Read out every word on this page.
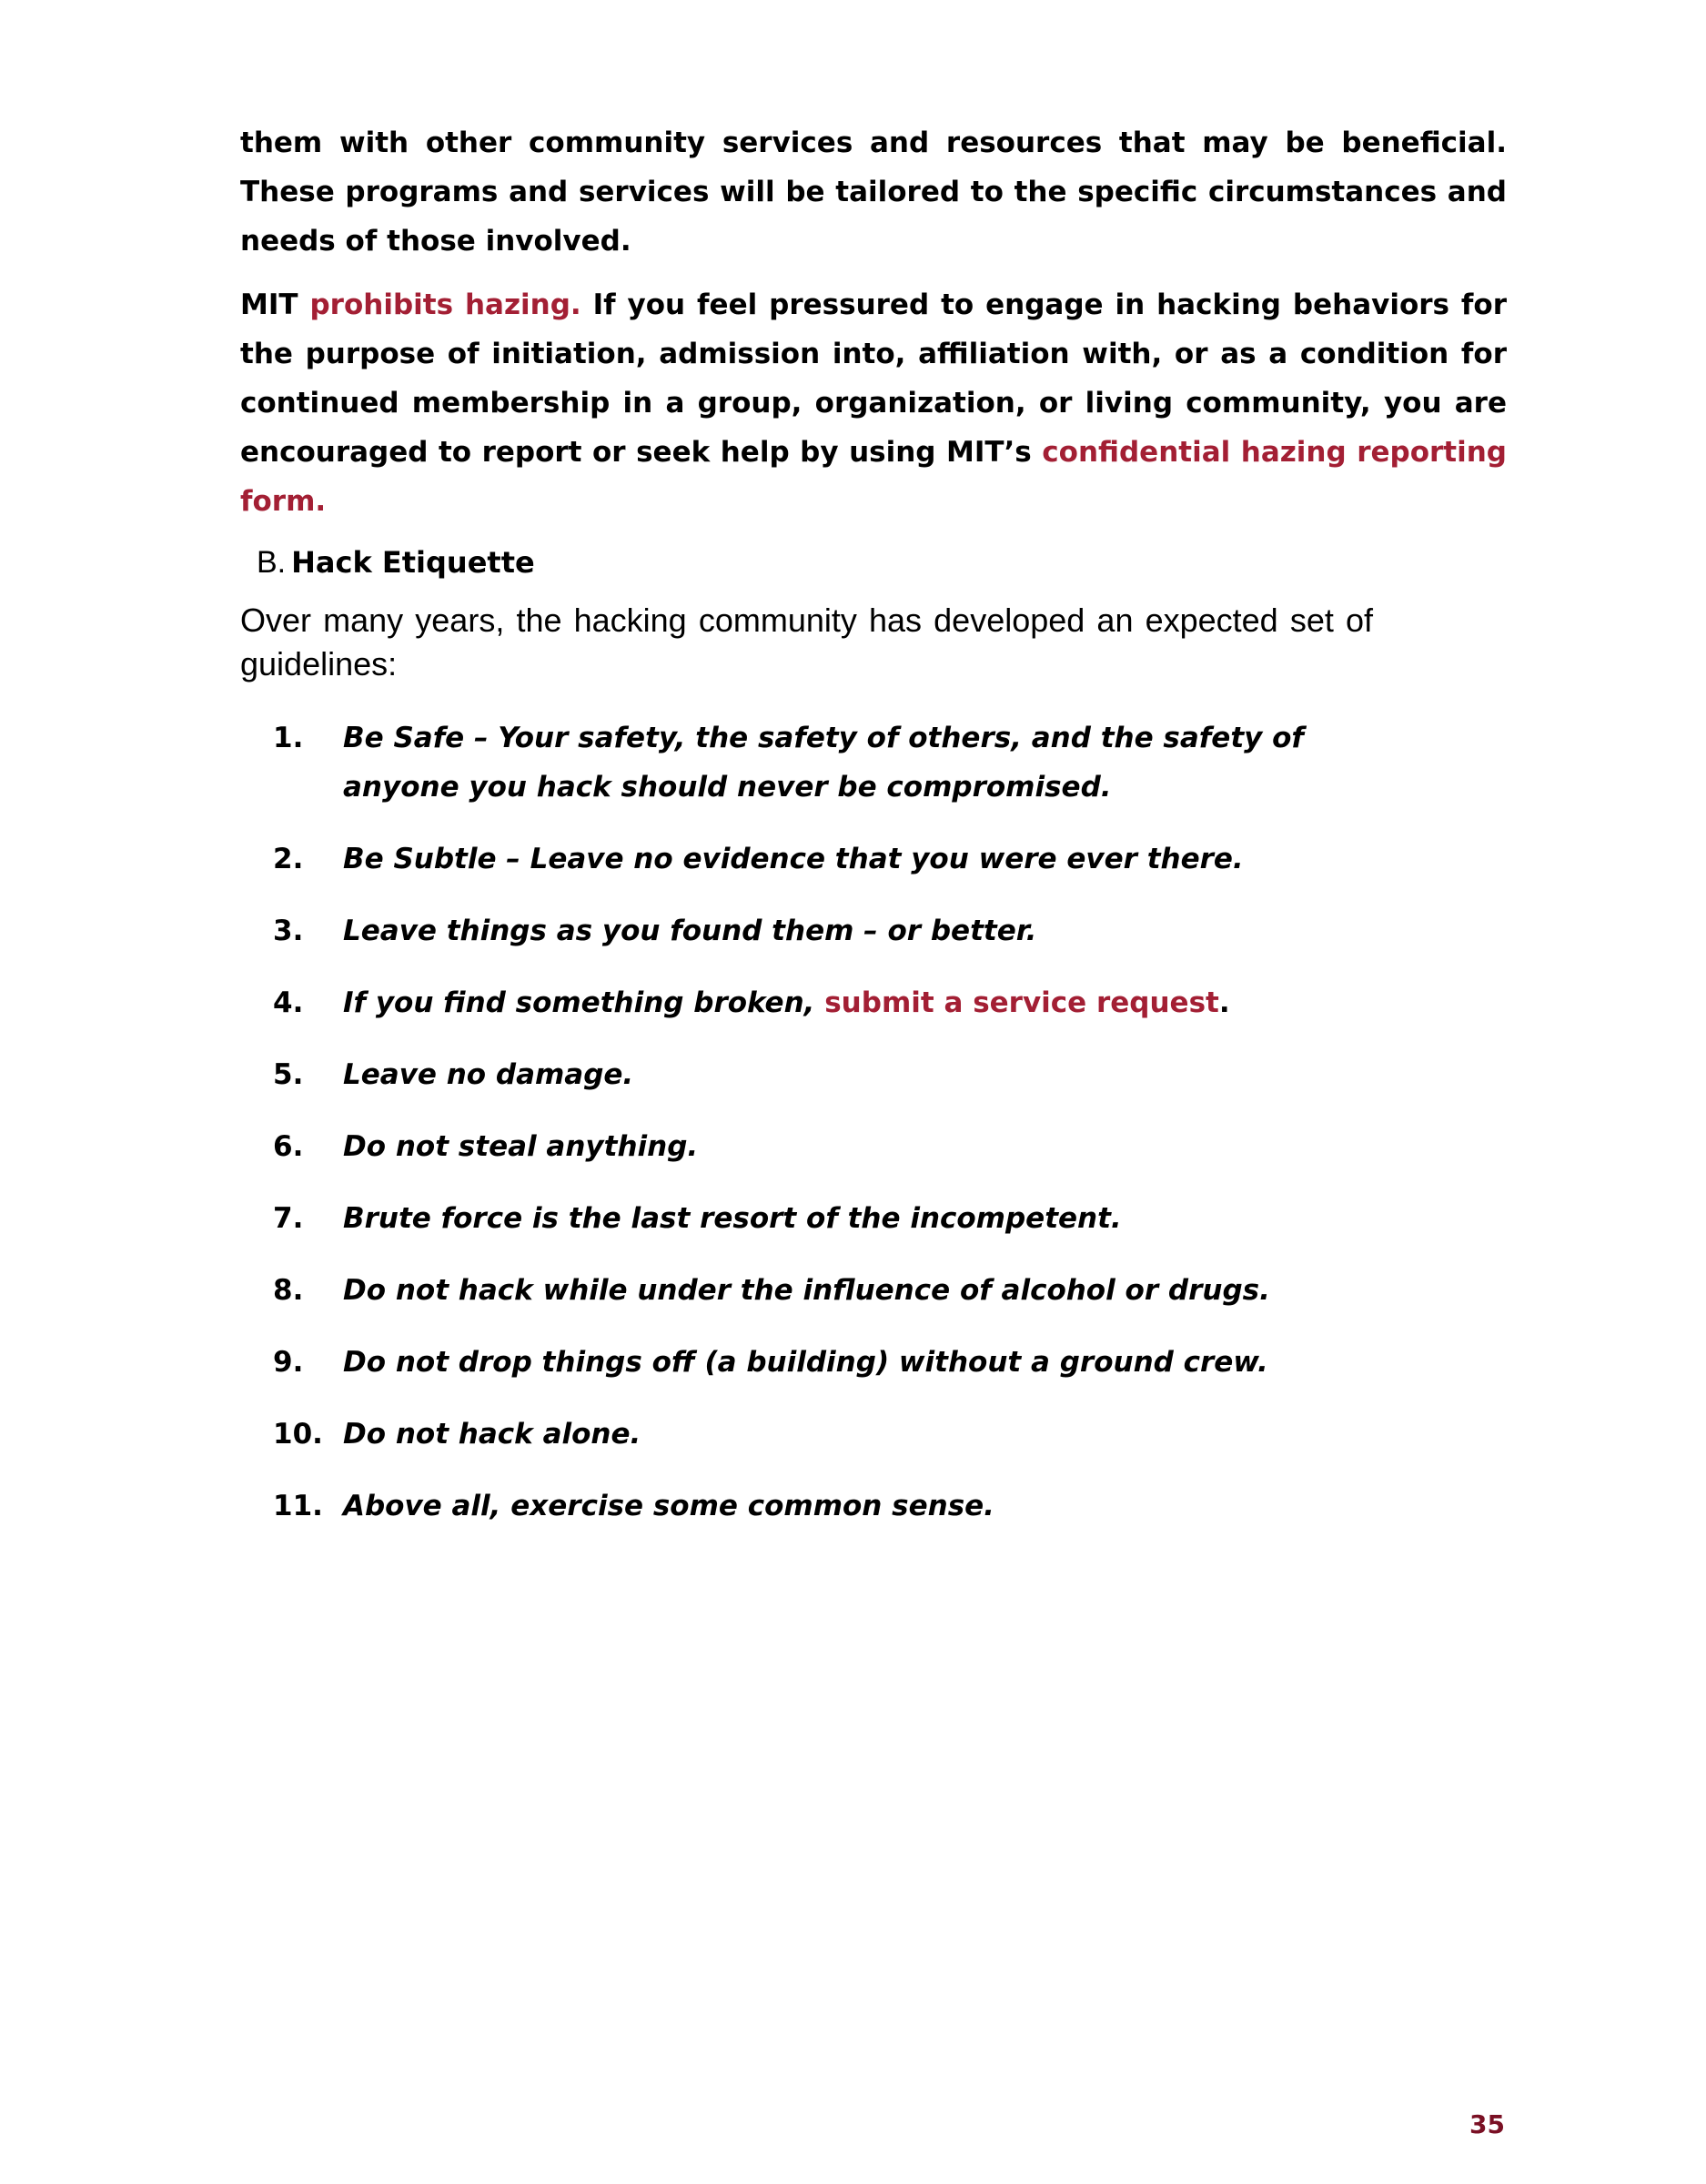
them with other community services and resources that may be beneficial. These programs and services will be tailored to the specific circumstances and needs of those involved.

MIT prohibits hazing. If you feel pressured to engage in hacking behaviors for the purpose of initiation, admission into, affiliation with, or as a condition for continued membership in a group, organization, or living community, you are encouraged to report or seek help by using MIT’s confidential hazing reporting form.

B. Hack Etiquette

Over many years, the hacking community has developed an expected set of guidelines:

1. Be Safe – Your safety, the safety of others, and the safety of anyone you hack should never be compromised.
2. Be Subtle – Leave no evidence that you were ever there.
3. Leave things as you found them – or better.
4. If you find something broken, submit a service request.
5. Leave no damage.
6. Do not steal anything.
7. Brute force is the last resort of the incompetent.
8. Do not hack while under the influence of alcohol or drugs.
9. Do not drop things off (a building) without a ground crew.
10. Do not hack alone.
11. Above all, exercise some common sense.
35
